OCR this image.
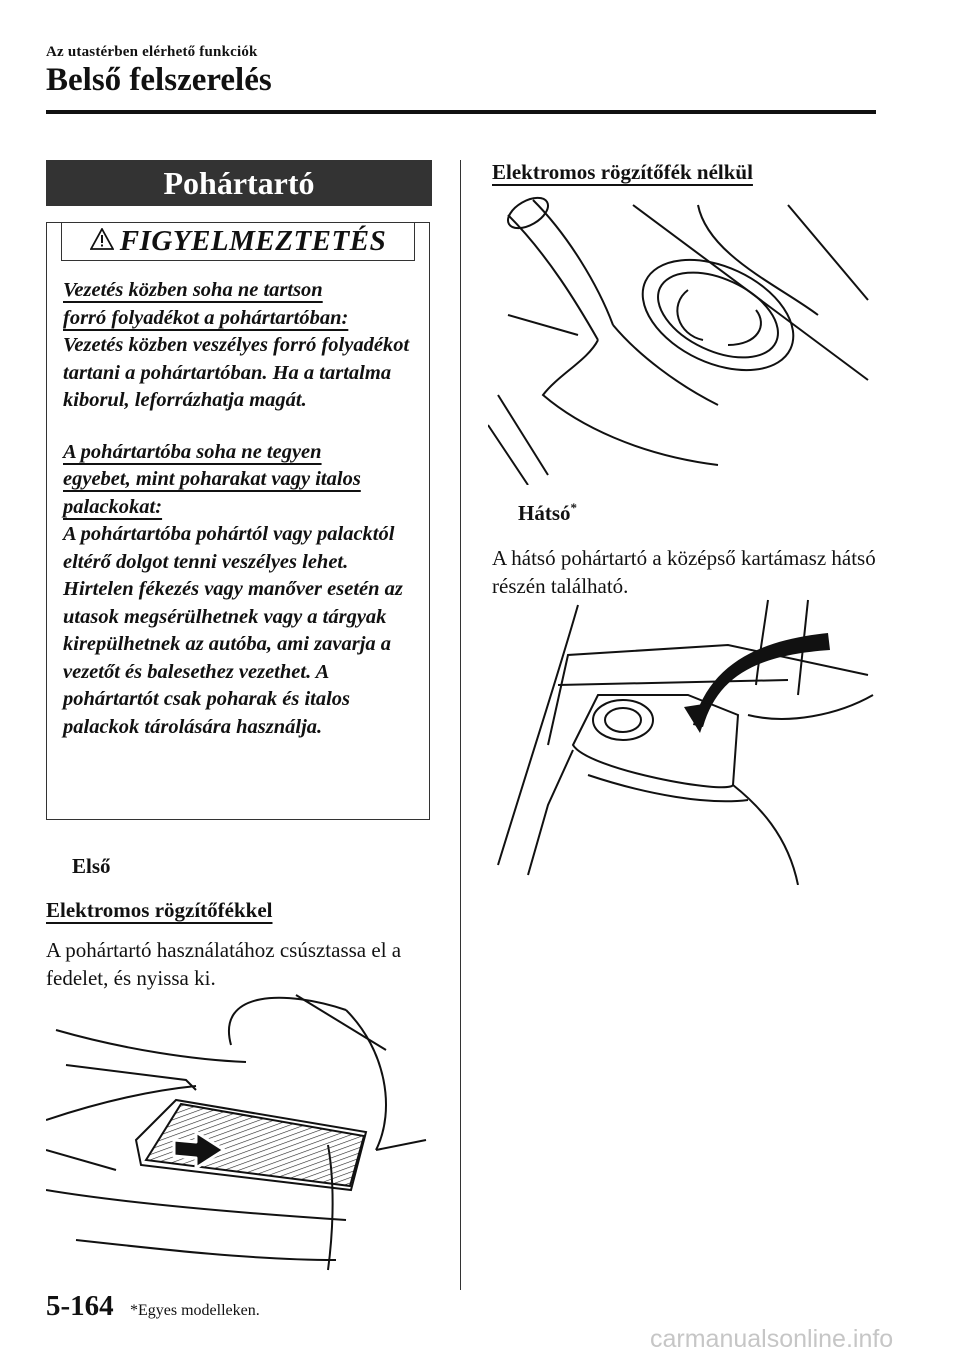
Az utastérben elérhető funkciók
Belső felszerelés
Pohártartó
FIGYELMEZTETÉS

Vezetés közben soha ne tartson
forró folyadékot a pohártartóban:
Vezetés közben veszélyes forró folyadékot tartani a pohártartóban. Ha a tartalma kiborul, leforrázhatja magát.

A pohártartóba soha ne tegyen
egyebet, mint poharakat vagy italos
palackokat:
A pohártartóba pohártól vagy palacktól eltérő dolgot tenni veszélyes lehet. Hirtelen fékezés vagy manőver esetén az utasok megsérülhetnek vagy a tárgyak kirepülhetnek az autóba, ami zavarja a vezetőt és balesethez vezethet. A pohártartót csak poharak és italos palackok tárolására használja.

Első
Elektromos rögzítőfékkel
A pohártartó használatához csúsztassa el a fedelet, és nyissa ki.
Elektromos rögzítőfék nélkül
Hátsó*
A hátsó pohártartó a középső kartámasz hátsó részén található.
5-164 *Egyes modelleken.
carmanualsonline.info
